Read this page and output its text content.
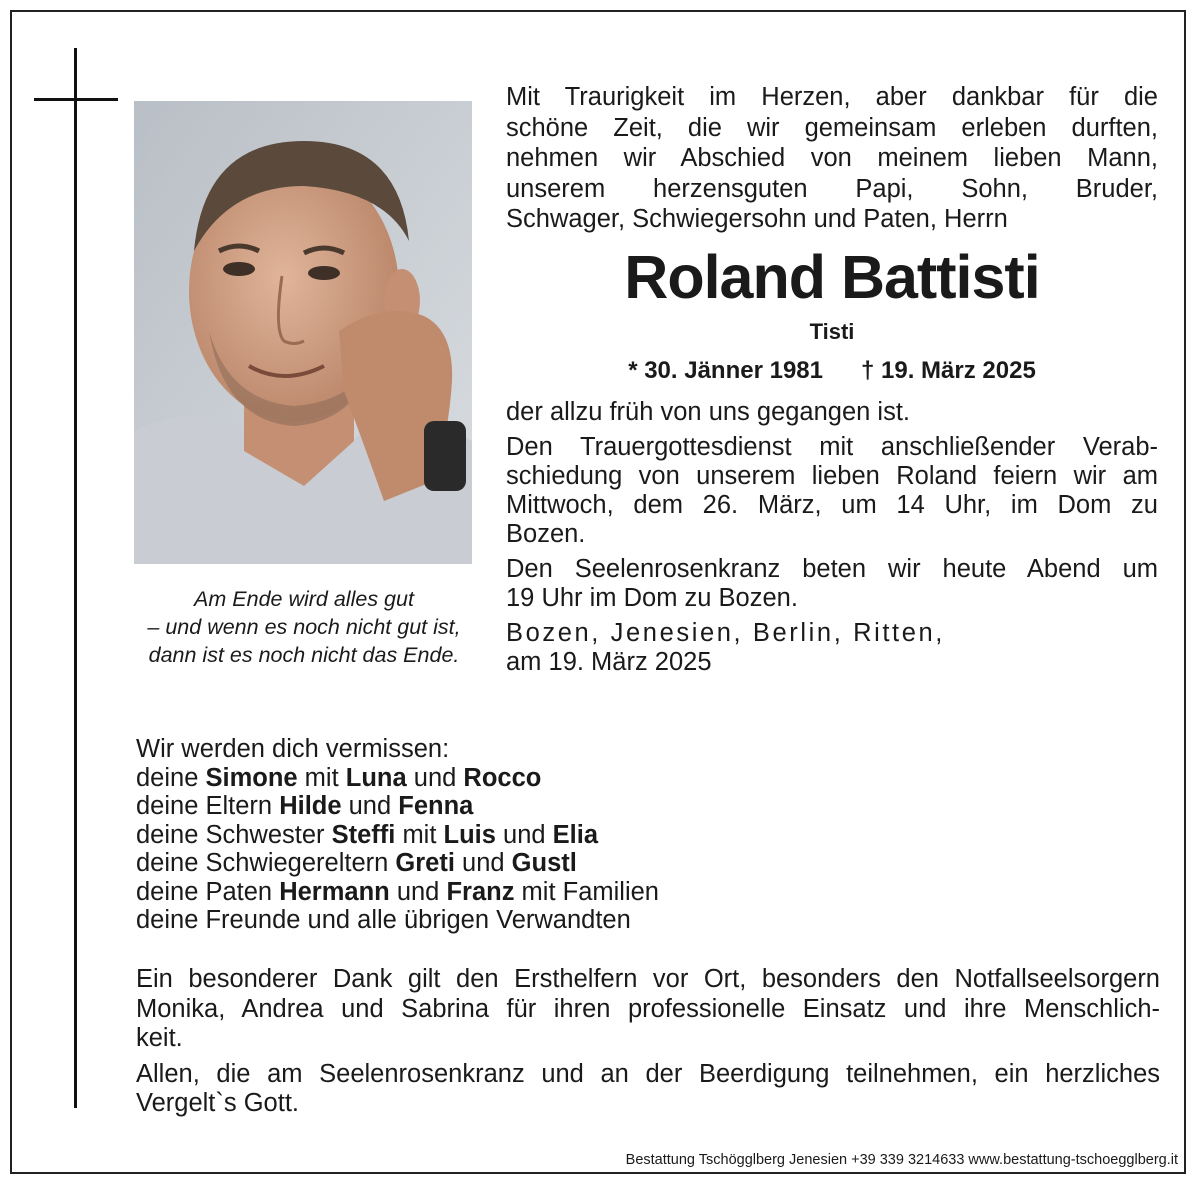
Am Ende wird alles gut
– und wenn es noch nicht gut ist,
dann ist es noch nicht das Ende.
Mit Traurigkeit im Herzen, aber dankbar für die
schöne Zeit, die wir gemeinsam erleben durften,
nehmen wir Abschied von meinem lieben Mann,
unserem herzensguten Papi, Sohn, Bruder,
Schwager, Schwiegersohn und Paten, Herrn
Roland Battisti
Tisti
* 30. Jänner 1981 † 19. März 2025
der allzu früh von uns gegangen ist.
Den Trauergottesdienst mit anschließender Verab-
schiedung von unserem lieben Roland feiern wir am
Mittwoch, dem 26. März, um 14 Uhr, im Dom zu
Bozen.
Den Seelenrosenkranz beten wir heute Abend um
19 Uhr im Dom zu Bozen.
Bozen, Jenesien, Berlin, Ritten,
am 19. März 2025
Wir werden dich vermissen:
deine Simone mit Luna und Rocco
deine Eltern Hilde und Fenna
deine Schwester Steffi mit Luis und Elia
deine Schwiegereltern Greti und Gustl
deine Paten Hermann und Franz mit Familien
deine Freunde und alle übrigen Verwandten
Ein besonderer Dank gilt den Ersthelfern vor Ort, besonders den Notfallseelsorgern
Monika, Andrea und Sabrina für ihren professionelle Einsatz und ihre Menschlich-
keit.
Allen, die am Seelenrosenkranz und an der Beerdigung teilnehmen, ein herzliches
Vergelt`s Gott.
Bestattung Tschögglberg Jenesien +39 339 3214633 www.bestattung-tschoegglberg.it
